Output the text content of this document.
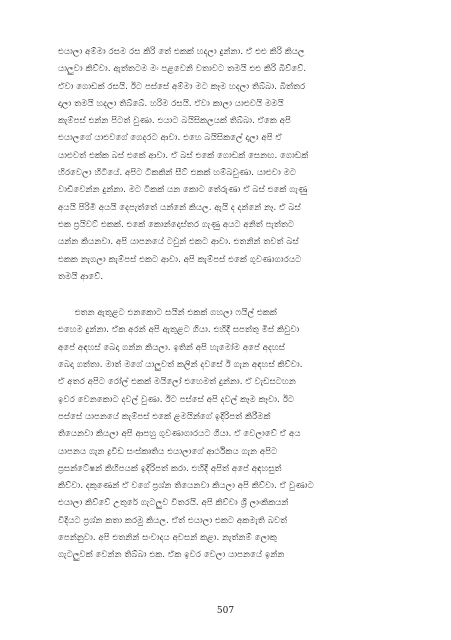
එයාලා අම්මා රසම රස කිරි තේ එකක් හදලා දුන්නා. ඒ එළු කිරි කියල

යාලුවා කිව්වා. ඇත්තටම මං පළවෙනි වතාවට තමයි එළු කිරි බිව්වේ.

ඒවා ගොඩක් රසයි. ඊට පස්සේ අම්මා මට කෑම හදලා තිබ්බා. බිත්තර

දාලා තමයි හදලා තිබ්බේ. හරිම රසයි. ඒවා කාලා යාළුවයි මමයි

කැම්පස් එන්න පිටත් වුණා. එයාට බයිසිකලයක් තිබ්බා. ඒකෙ අපි

එයාලගේ යාළුවගේ ගෙදරට ආවා. එහෙ බයිසිකලේ දාලා අපි ඒ

යාළුවත් එක්ක බස් එකේ ආවා. ඒ බස් එකේ ගොඩක් සෙනඟ. ගොඩක්

හිරවෙලා හිටියේ. අපිට ටිකකින් සීට් එකක් හම්බවුණා. යාළුවා මට

වාඩිවෙන්න දුන්නා. මට ටිකක් යන කොට තේරුණා ඒ බස් එකේ ගැණු

අයයි පිරිමි අයයි දෙපැත්තේ යන්නේ කියල. ඇයි ද දන්නේ නෑ. ඒ බස්

එක ප්‍රයිවට් එකක්. එකේ කොන්දොස්තර ගැණු අයට අනිත් පැත්තට

යන්න කියනවා. අපි යාපනයේ ටවුන් එකට ආවා. එතනින් තවත් බස්

එකක නැගලා කැම්පස් එකට ආවා. අපි කැම්පස් එකේ ගුවණාගාරයට

තමයි ආවේ.

එතන ඇතුළට එනකොට සයින් එකක් ගහලා ෆයිල් එකක්

එහෙම දුන්නා. ඒක අරන් අපි ඇතුළට ගියා. එහිදී සපත්තු මිස් කිවුවා

අපේ අඳහස් බෙදා ගන්න කියලා. ඉතින් අපි හැමෝම අපේ අදහස්

බෙදා ගත්තා. මාත් මගේ යාලුවත් කලින් දවසේ ඊ ගැන අඳහස් කිව්වා.

ඒ අතර අපිට රෝල් එකක් මයිලෝ එහෙමත් දුන්නා. ඒ වැඩසටහන

ඉවර වෙනකොට දවල් වුණා. ඊට පස්සේ අපි දවල් කෑම කෑවා. ඊට

පස්සේ යාපනයේ කැම්පස් එකේ ළමයින්ගේ ඉදිරිපත් කිරීමක්

තියෙනවා කියලා අපි ආපහු ගුවණාගාරයට ගියා. ඒ වෙලාවේ ඒ අය

යාපනය ගැන ද්‍රවිඩ සංස්කෘතිය එයාලාගේ ආර්ථිකය ගැන අපිට

ප්‍රසන්ටේෂන් කිහිපයක් ඉදිරිපත් කරා. එහිදී අපිත් අපේ අඳහසුත්

කිව්වා. දකුණෙන් ඒ වගේ ප්‍රශ්න තියෙනවා කියලා අපි කිව්වා. ඒ වුණාට

එයාලා කිව්වේ උතුරේ ගැටලුව විතරයි. අපි කිව්වා ශ්‍රී ලාංකිකයන්

විදියට ප්‍රශ්න කතා කරමු කියල. ඒත් එයාලා එකට අකමැති බවත්

පෙන්නුවා. අපි එතනින් සංවාදය අවසන් කළා. නැත්නම් ලොකු

ගැටලුවක් වෙන්න තිබ්බා එක. ඒක ඉවර වෙලා යාපනයේ ඉන්න

507
